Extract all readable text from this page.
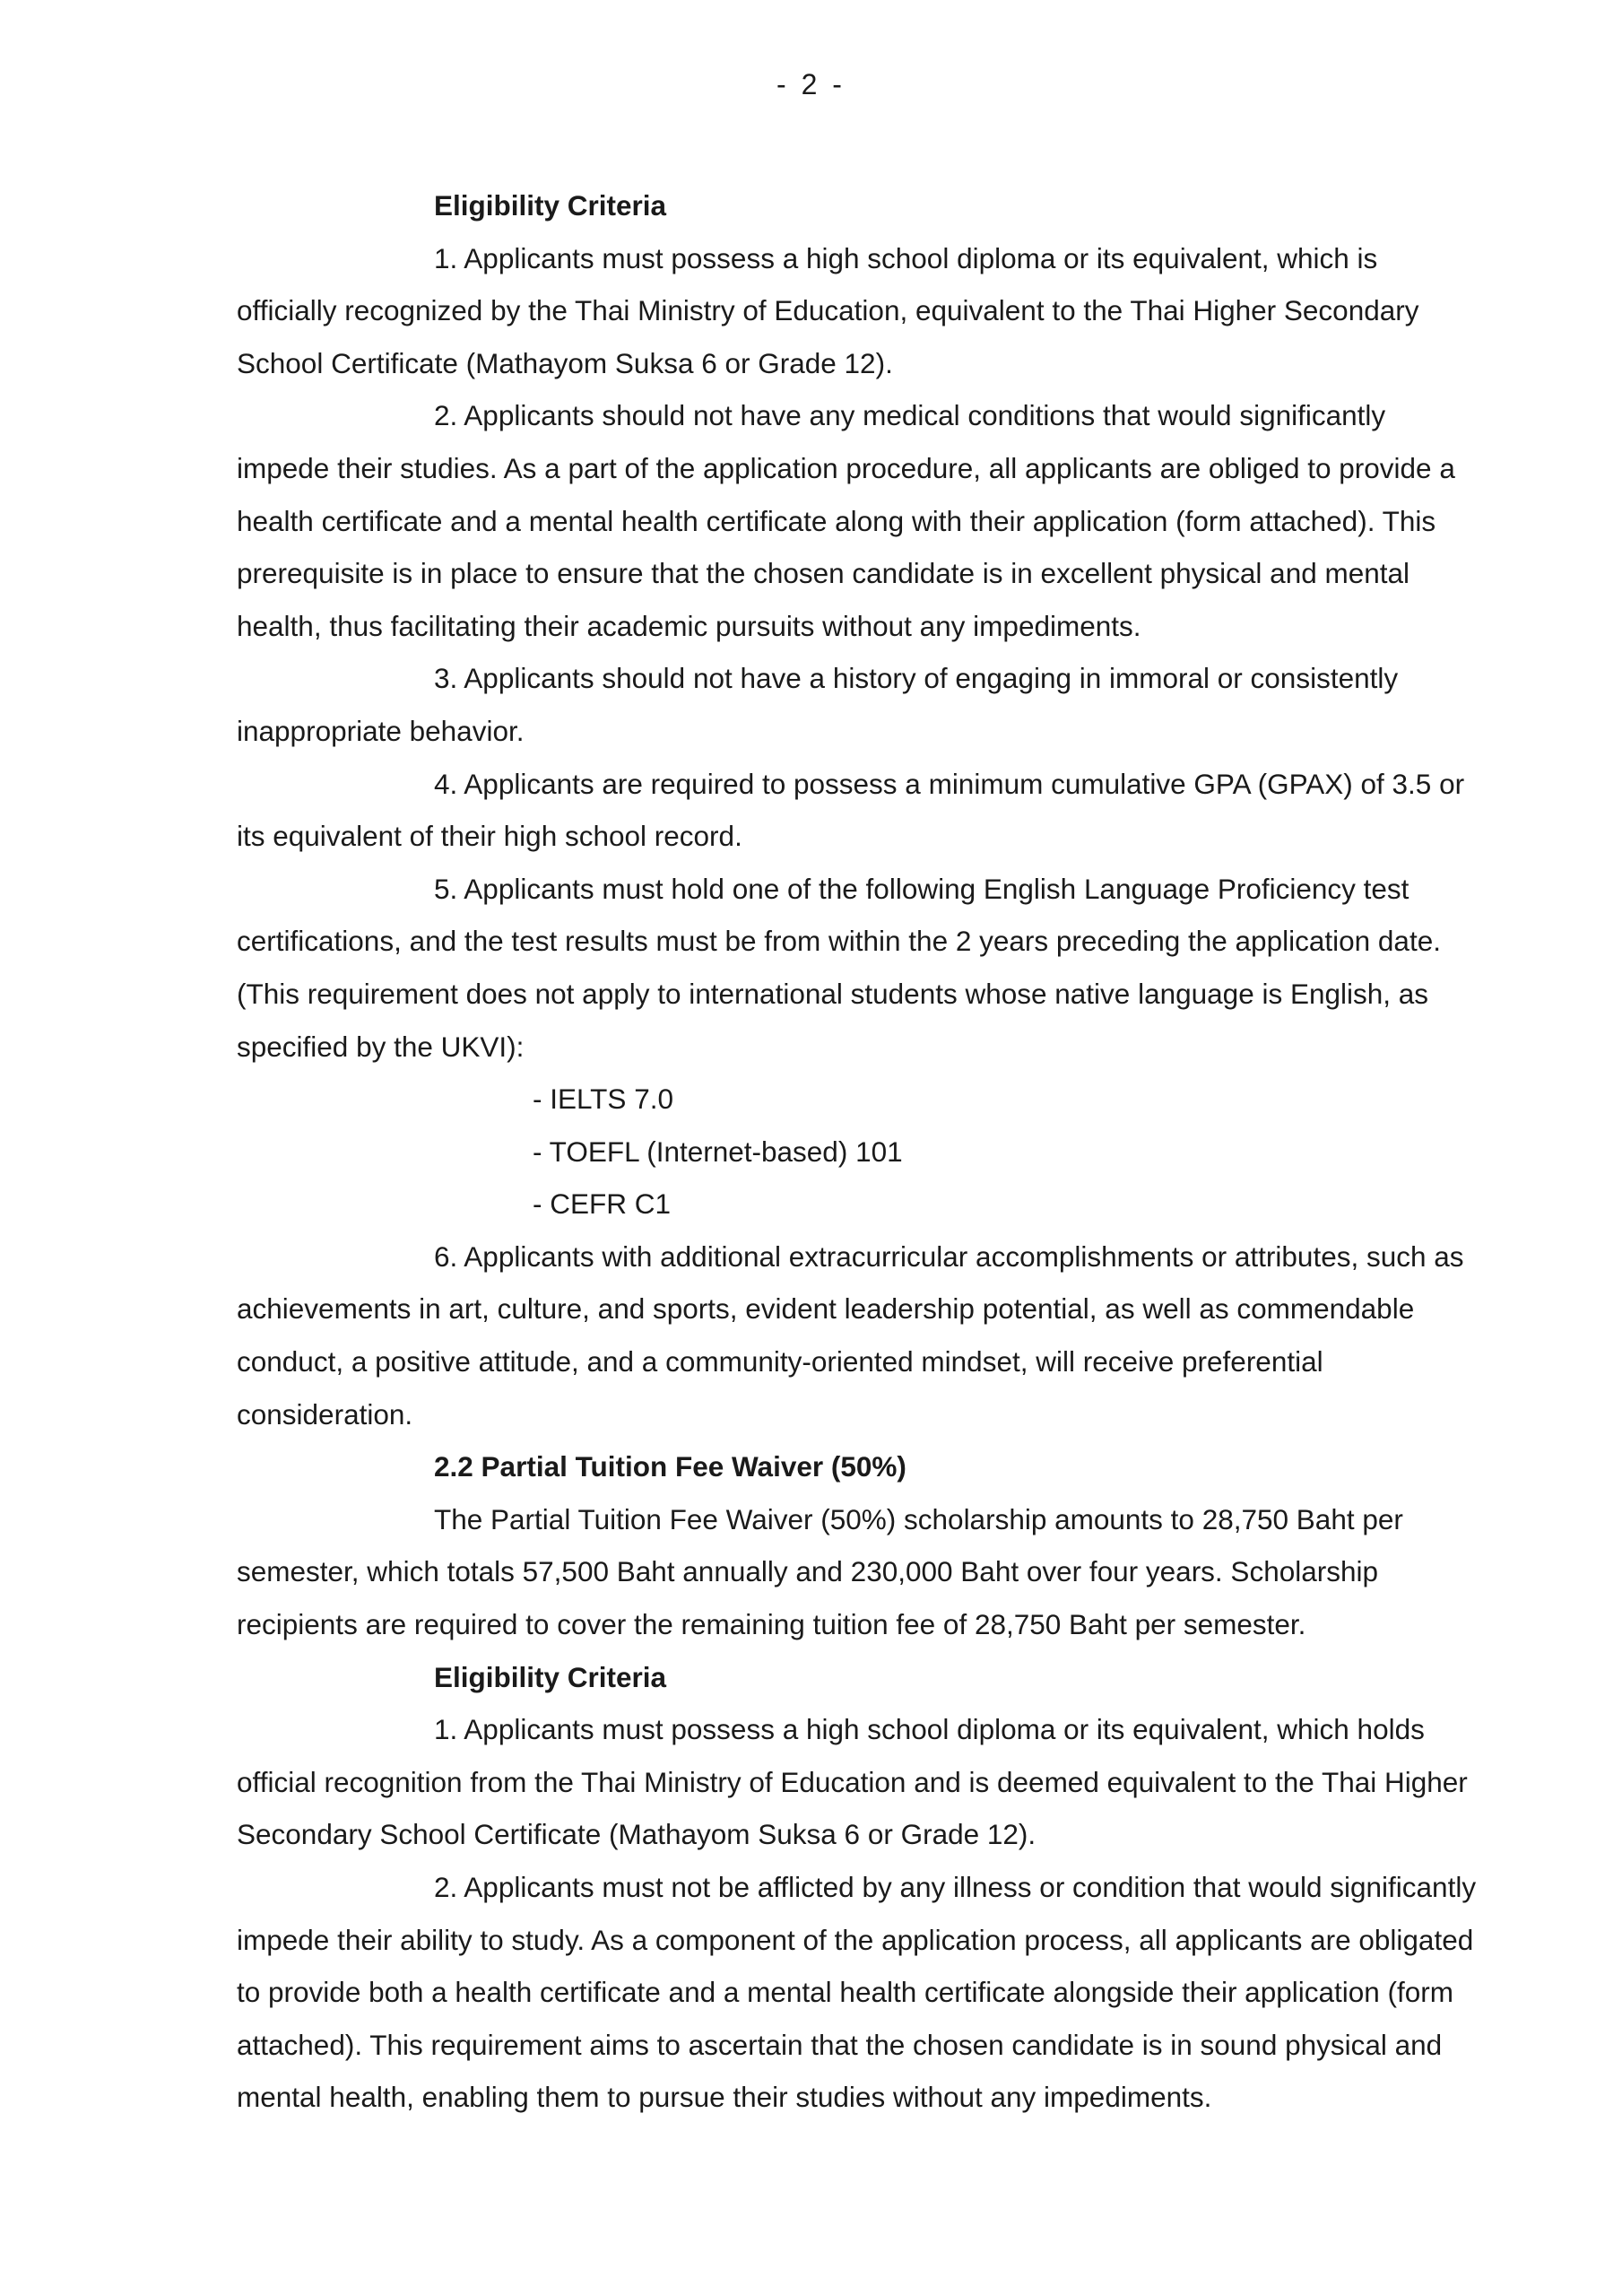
- 2 -

Eligibility Criteria

1. Applicants must possess a high school diploma or its equivalent, which is officially recognized by the Thai Ministry of Education, equivalent to the Thai Higher Secondary School Certificate (Mathayom Suksa 6 or Grade 12).

2. Applicants should not have any medical conditions that would significantly impede their studies. As a part of the application procedure, all applicants are obliged to provide a health certificate and a mental health certificate along with their application (form attached). This prerequisite is in place to ensure that the chosen candidate is in excellent physical and mental health, thus facilitating their academic pursuits without any impediments.

3. Applicants should not have a history of engaging in immoral or consistently inappropriate behavior.

4. Applicants are required to possess a minimum cumulative GPA (GPAX) of 3.5 or its equivalent of their high school record.

5. Applicants must hold one of the following English Language Proficiency test certifications, and the test results must be from within the 2 years preceding the application date. (This requirement does not apply to international students whose native language is English, as specified by the UKVI):

- IELTS 7.0

- TOEFL (Internet-based) 101

- CEFR C1

6. Applicants with additional extracurricular accomplishments or attributes, such as achievements in art, culture, and sports, evident leadership potential, as well as commendable conduct, a positive attitude, and a community-oriented mindset, will receive preferential consideration.

2.2 Partial Tuition Fee Waiver (50%)

The Partial Tuition Fee Waiver (50%) scholarship amounts to 28,750 Baht per semester, which totals 57,500 Baht annually and 230,000 Baht over four years. Scholarship recipients are required to cover the remaining tuition fee of 28,750 Baht per semester.

Eligibility Criteria

1. Applicants must possess a high school diploma or its equivalent, which holds official recognition from the Thai Ministry of Education and is deemed equivalent to the Thai Higher Secondary School Certificate (Mathayom Suksa 6 or Grade 12).

2. Applicants must not be afflicted by any illness or condition that would significantly impede their ability to study. As a component of the application process, all applicants are obligated to provide both a health certificate and a mental health certificate alongside their application (form attached). This requirement aims to ascertain that the chosen candidate is in sound physical and mental health, enabling them to pursue their studies without any impediments.
